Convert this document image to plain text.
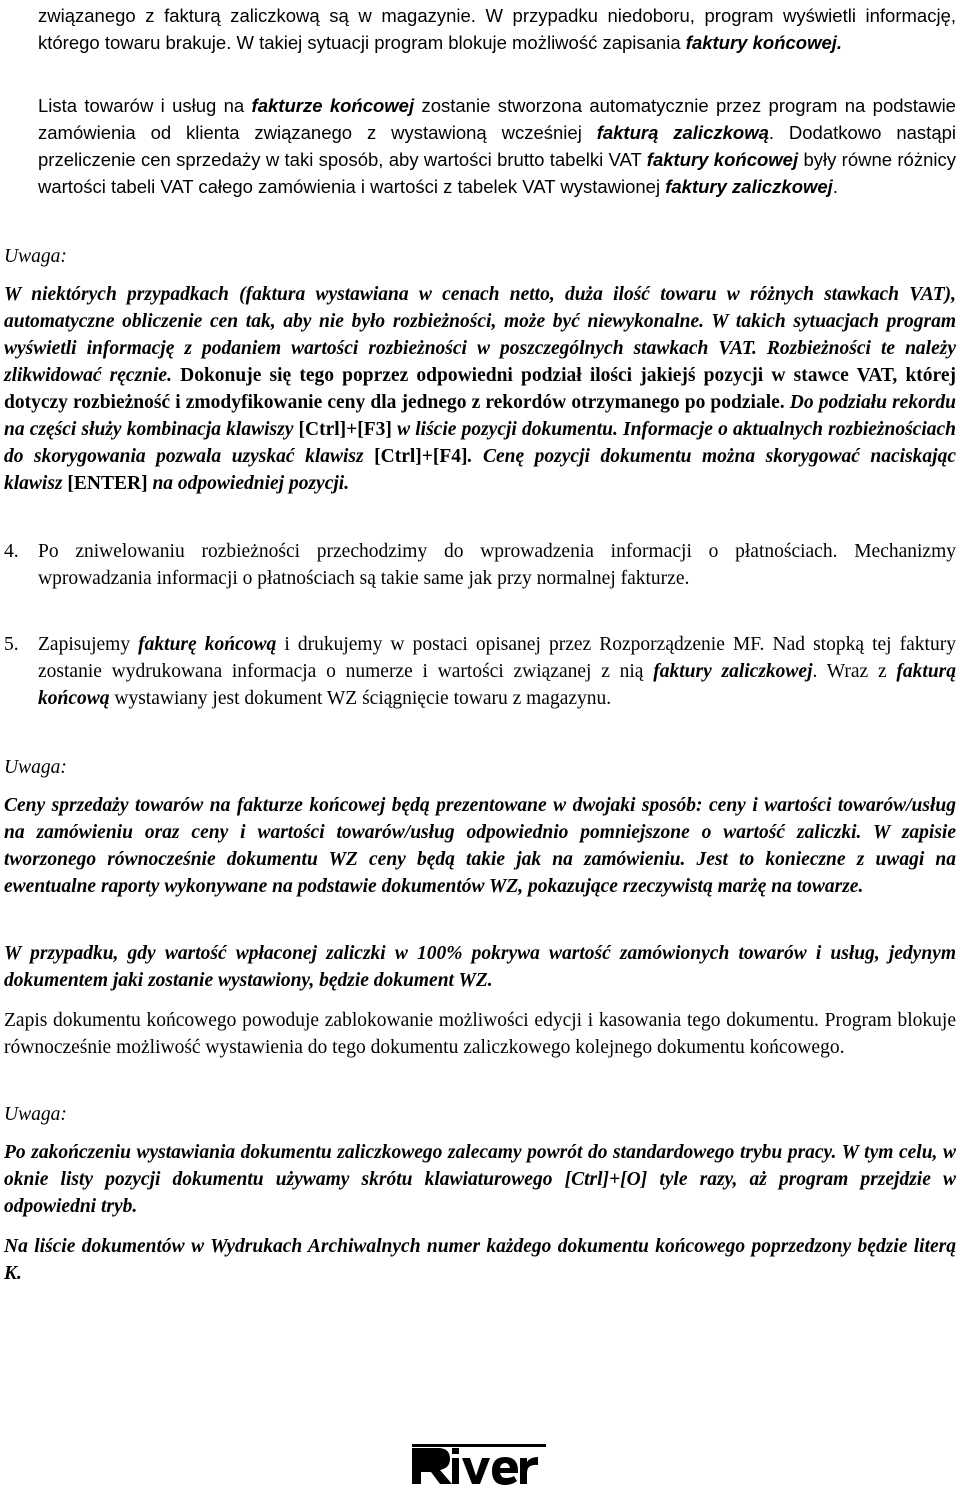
związanego z fakturą zaliczkową są w magazynie. W przypadku niedoboru, program wyświetli informację, którego towaru brakuje. W takiej sytuacji program blokuje możliwość zapisania faktury końcowej.

Lista towarów i usług na fakturze końcowej zostanie stworzona automatycznie przez program na podstawie zamówienia od klienta związanego z wystawioną wcześniej fakturą zaliczkową. Dodatkowo nastąpi przeliczenie cen sprzedaży w taki sposób, aby wartości brutto tabelki VAT faktury końcowej były równe różnicy wartości tabeli VAT całego zamówienia i wartości z tabelek VAT wystawionej faktury zaliczkowej.

Uwaga:

W niektórych przypadkach (faktura wystawiana w cenach netto, duża ilość towaru w różnych stawkach VAT), automatyczne obliczenie cen tak, aby nie było rozbieżności, może być niewykonalne. W takich sytuacjach program wyświetli informację z podaniem wartości rozbieżności w poszczególnych stawkach VAT. Rozbieżności te należy zlikwidować ręcznie. Dokonuje się tego poprzez odpowiedni podział ilości jakiejś pozycji w stawce VAT, której dotyczy rozbieżność i zmodyfikowanie ceny dla jednego z rekordów otrzymanego po podziale. Do podziału rekordu na części służy kombinacja klawiszy [Ctrl]+[F3] w liście pozycji dokumentu. Informacje o aktualnych rozbieżnościach do skorygowania pozwala uzyskać klawisz [Ctrl]+[F4]. Cenę pozycji dokumentu można skorygować naciskając klawisz [ENTER] na odpowiedniej pozycji.

4. Po zniwelowaniu rozbieżności przechodzimy do wprowadzenia informacji o płatnościach. Mechanizmy wprowadzania informacji o płatnościach są takie same jak przy normalnej fakturze.

5. Zapisujemy fakturę końcową i drukujemy w postaci opisanej przez Rozporządzenie MF. Nad stopką tej faktury zostanie wydrukowana informacja o numerze i wartości związanej z nią faktury zaliczkowej. Wraz z fakturą końcową wystawiany jest dokument WZ ściągnięcie towaru z magazynu.

Uwaga:

Ceny sprzedaży towarów na fakturze końcowej będą prezentowane w dwojaki sposób: ceny i wartości towarów/usług na zamówieniu oraz ceny i wartości towarów/usług odpowiednio pomniejszone o wartość zaliczki. W zapisie tworzonego równocześnie dokumentu WZ ceny będą takie jak na zamówieniu. Jest to konieczne z uwagi na ewentualne raporty wykonywane na podstawie dokumentów WZ, pokazujące rzeczywistą marżę na towarze.

W przypadku, gdy wartość wpłaconej zaliczki w 100% pokrywa wartość zamówionych towarów i usług, jedynym dokumentem jaki zostanie wystawiony, będzie dokument WZ.

Zapis dokumentu końcowego powoduje zablokowanie możliwości edycji i kasowania tego dokumentu. Program blokuje równocześnie możliwość wystawienia do tego dokumentu zaliczkowego kolejnego dokumentu końcowego.

Uwaga:

Po zakończeniu wystawiania dokumentu zaliczkowego zalecamy powrót do standardowego trybu pracy. W tym celu, w oknie listy pozycji dokumentu używamy skrótu klawiaturowego [Ctrl]+[O] tyle razy, aż program przejdzie w odpowiedni tryb.

Na liście dokumentów w Wydrukach Archiwalnych numer każdego dokumentu końcowego poprzedzony będzie literą K.
